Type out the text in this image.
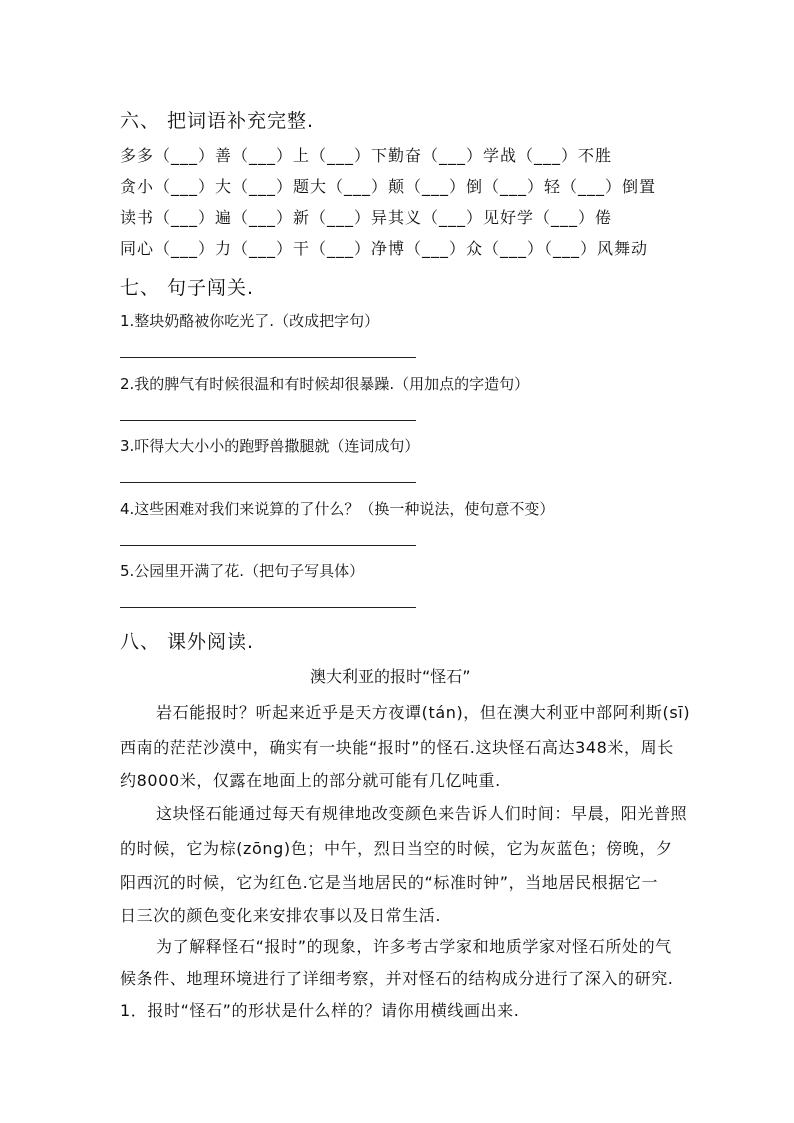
六、 把词语补充完整.
多多（___）善（___）上（___）下勤奋（___）学战（___）不胜
贪小（___）大（___）题大（___）颠（___）倒（___）轻（___）倒置
读书（___）遍（___）新（___）异其义（___）见好学（___）倦
同心（___）力（___）干（___）净博（___）众（___）（___）风舞动
七、 句子闯关.
1.整块奶酪被你吃光了.（改成把字句）
2.我的脾气有时候很温和有时候却很暴躁.（用加点的字造句）
3.吓得大大小小的跑野兽撒腿就（连词成句）
4.这些困难对我们来说算的了什么？（换一种说法，使句意不变）
5.公园里开满了花.（把句子写具体）
八、 课外阅读.
澳大利亚的报时“怪石”
岩石能报时？听起来近乎是天方夜谭(tán)，但在澳大利亚中部阿利斯(sī)
西南的茫茫沙漠中，确实有一块能“报时”的怪石.这块怪石高达348米，周长
约8000米，仅露在地面上的部分就可能有几亿吨重.
这块怪石能通过每天有规律地改变颜色来告诉人们时间：早晨，阳光普照
的时候，它为棕(zōng)色；中午，烈日当空的时候，它为灰蓝色；傍晚，夕
阳西沉的时候，它为红色.它是当地居民的“标准时钟”，当地居民根据它一
日三次的颜色变化来安排农事以及日常生活.
为了解释怪石“报时”的现象，许多考古学家和地质学家对怪石所处的气
候条件、地理环境进行了详细考察，并对怪石的结构成分进行了深入的研究.
1．报时“怪石”的形状是什么样的？请你用横线画出来.
